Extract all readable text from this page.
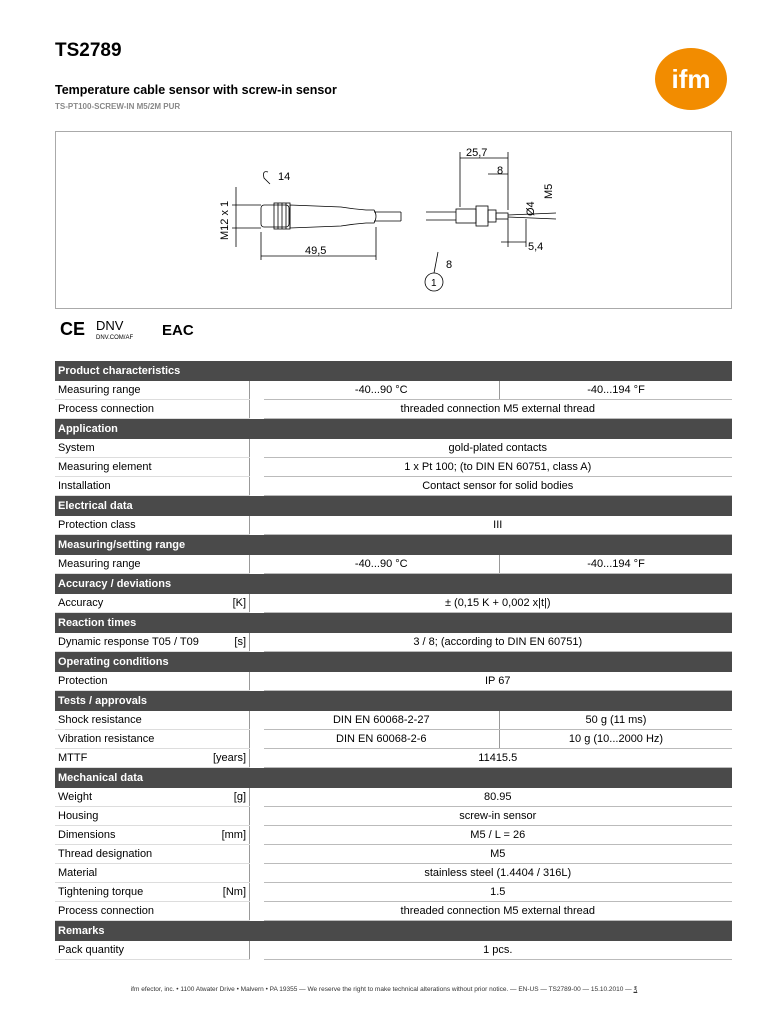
TS2789
Temperature cable sensor with screw-in sensor
TS-PT100-SCREW-IN M5/2M PUR
ifm
M12 x 1
14
49,5
25,7
8
Ø4
M5
5,4
8
1
CE DNV
DNV.COM/AF EAC
Product characteristics				
Measuring range			-40...90 °C	-40...194 °F
Process connection			threaded connection M5 external thread	
Application				
System			gold-plated contacts	
Measuring element			1 x Pt 100; (to DIN EN 60751, class A)	
Installation			Contact sensor for solid bodies	
Electrical data				
Protection class			III	
Measuring/setting range				
Measuring range			-40...90 °C	-40...194 °F
Accuracy / deviations				
Accuracy	[K]		± (0,15 K + 0,002 x|t|)	
Reaction times				
Dynamic response T05 / T09	[s]		3 / 8; (according to DIN EN 60751)	
Operating conditions				
Protection			IP 67	
Tests / approvals				
Shock resistance			DIN EN 60068-2-27	50 g (11 ms)
Vibration resistance			DIN EN 60068-2-6	10 g (10...2000 Hz)
MTTF	[years]		11415.5	
Mechanical data				
Weight	[g]		80.95	
Housing			screw-in sensor	
Dimensions	[mm]		M5 / L = 26	
Thread designation			M5	
Material			stainless steel (1.4404 / 316L)	
Tightening torque	[Nm]		1.5	
Process connection			threaded connection M5 external thread	
Remarks				
Pack quantity			1 pcs.	
ifm efector, inc. • 1100 Atwater Drive • Malvern • PA 19355 — We reserve the right to make technical alterations without prior notice. — EN-US — TS2789-00 — 15.10.2010 — ℥
